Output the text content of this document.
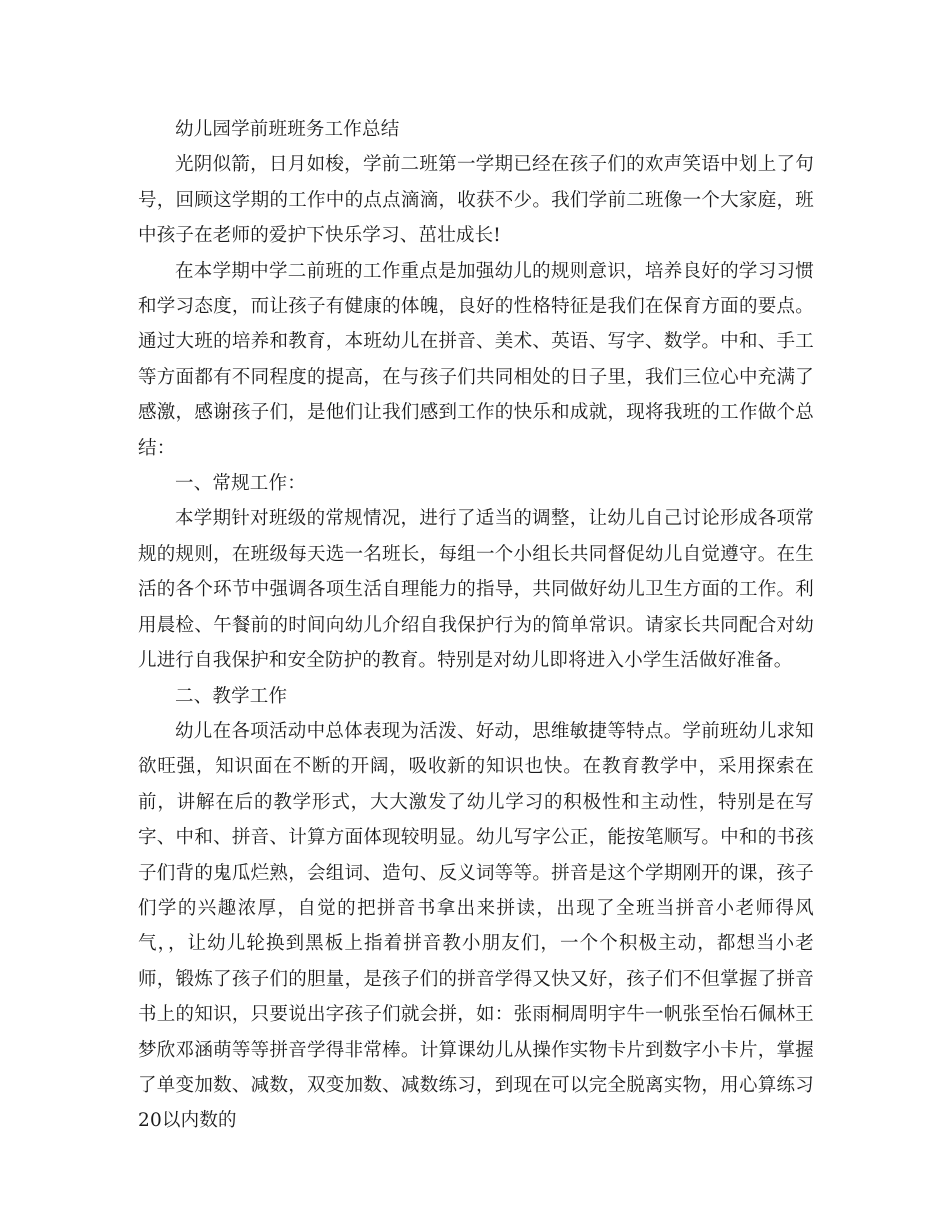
幼儿园学前班班务工作总结

光阴似箭，日月如梭，学前二班第一学期已经在孩子们的欢声笑语中划上了句号，回顾这学期的工作中的点点滴滴，收获不少。我们学前二班像一个大家庭，班中孩子在老师的爱护下快乐学习、茁壮成长!

在本学期中学二前班的工作重点是加强幼儿的规则意识，培养良好的学习习惯和学习态度，而让孩子有健康的体魄，良好的性格特征是我们在保育方面的要点。通过大班的培养和教育，本班幼儿在拼音、美术、英语、写字、数学。中和、手工等方面都有不同程度的提高，在与孩子们共同相处的日子里，我们三位心中充满了感激，感谢孩子们，是他们让我们感到工作的快乐和成就，现将我班的工作做个总结：

一、常规工作：

本学期针对班级的常规情况，进行了适当的调整，让幼儿自己讨论形成各项常规的规则，在班级每天选一名班长，每组一个小组长共同督促幼儿自觉遵守。在生活的各个环节中强调各项生活自理能力的指导，共同做好幼儿卫生方面的工作。利用晨检、午餐前的时间向幼儿介绍自我保护行为的简单常识。请家长共同配合对幼儿进行自我保护和安全防护的教育。特别是对幼儿即将进入小学生活做好准备。

二、教学工作

幼儿在各项活动中总体表现为活泼、好动，思维敏捷等特点。学前班幼儿求知欲旺强，知识面在不断的开阔，吸收新的知识也快。在教育教学中，采用探索在前，讲解在后的教学形式，大大激发了幼儿学习的积极性和主动性，特别是在写字、中和、拼音、计算方面体现较明显。幼儿写字公正，能按笔顺写。中和的书孩子们背的鬼瓜烂熟，会组词、造句、反义词等等。拼音是这个学期刚开的课，孩子们学的兴趣浓厚，自觉的把拼音书拿出来拼读，出现了全班当拼音小老师得风气，，让幼儿轮换到黑板上指着拼音教小朋友们，一个个积极主动，都想当小老师，锻炼了孩子们的胆量，是孩子们的拼音学得又快又好，孩子们不但掌握了拼音书上的知识，只要说出字孩子们就会拼，如：张雨桐周明宇牛一帆张至怡石佩林王梦欣邓涵萌等等拼音学得非常棒。计算课幼儿从操作实物卡片到数字小卡片，掌握了单变加数、减数，双变加数、减数练习，到现在可以完全脱离实物，用心算练习20以内数的
